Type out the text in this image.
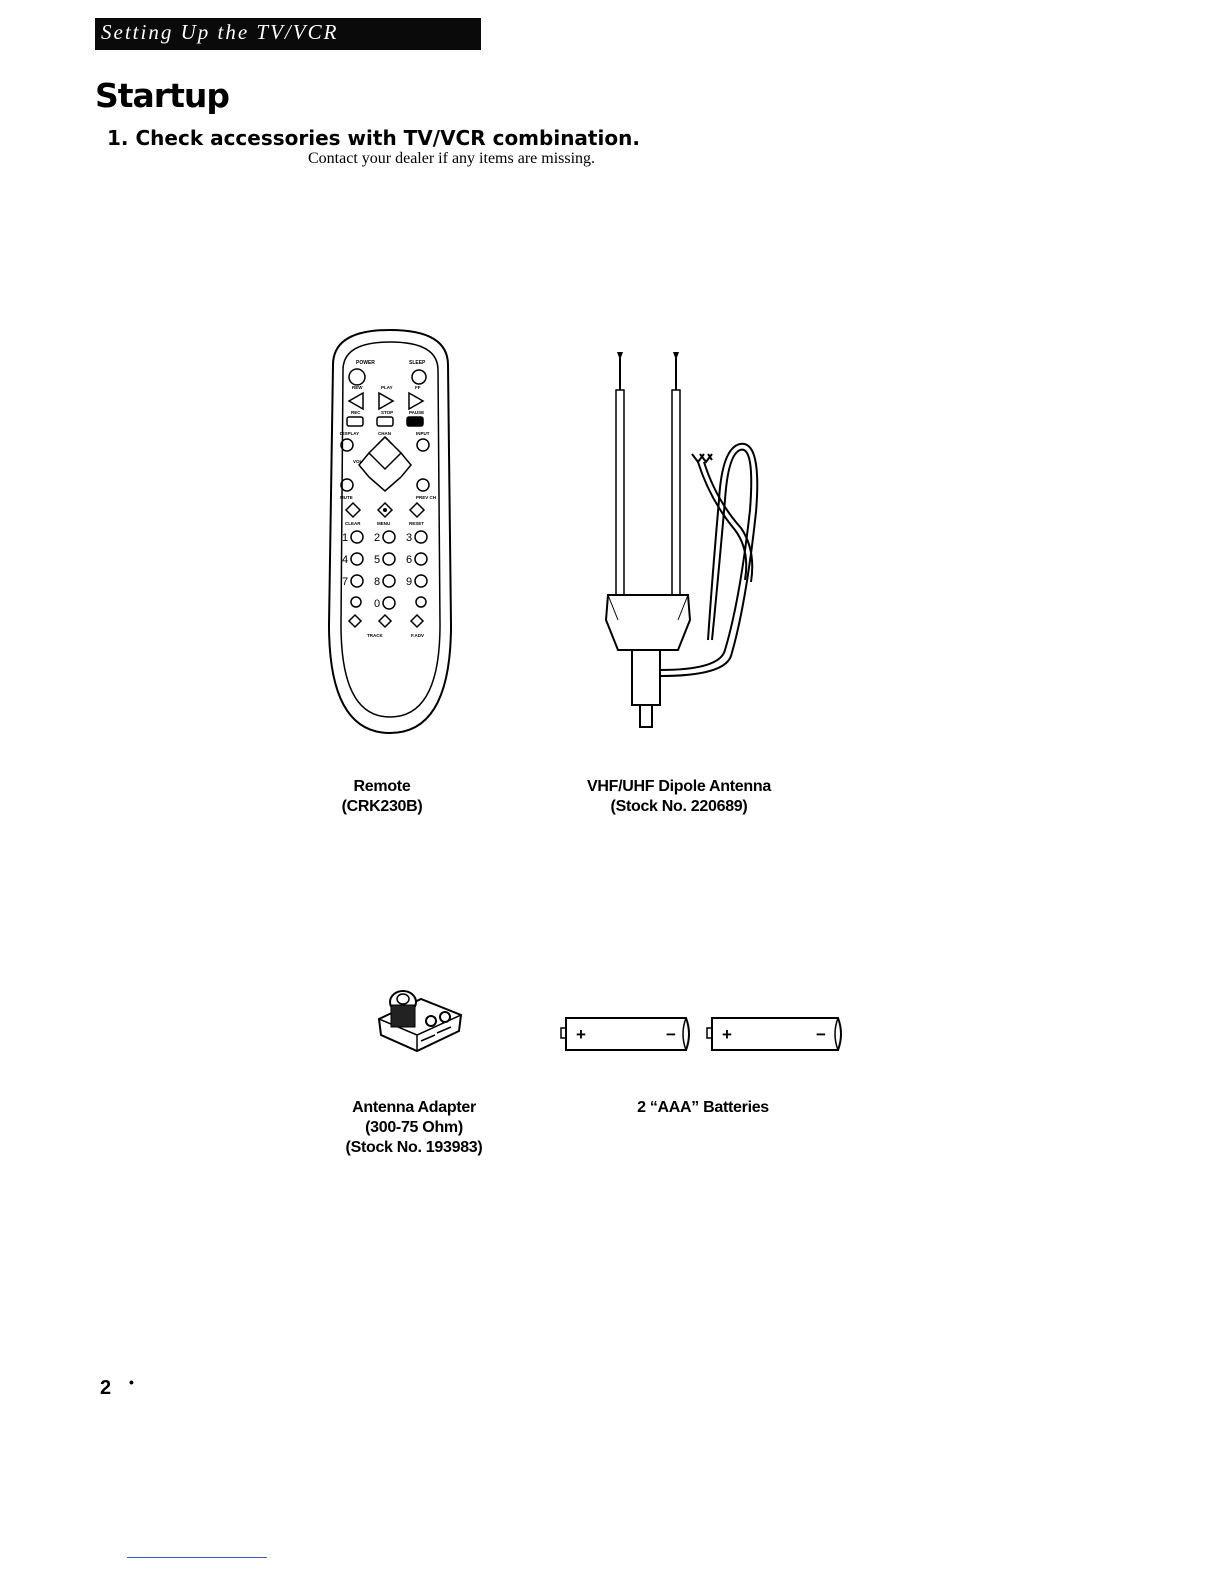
Setting Up the TV/VCR
Startup
1. Check accessories with TV/VCR combination.
Contact your dealer if any items are missing.
POWER	SLEEP
REW	PLAY	FF
REC	STOP	PAUSE
DISPLAY	CHAN	INPUT
VOL
MUTE	PREV CH
CLEAR	MENU	RESET
1 2 3
4 5 6
7 8 9
0
TRACK	F.ADV
Remote
(CRK230B)
VHF/UHF Dipole Antenna
(Stock No. 220689)
+	−	+	−
Antenna Adapter
(300-75 Ohm)
(Stock No. 193983)
2 “AAA” Batteries
2 •
